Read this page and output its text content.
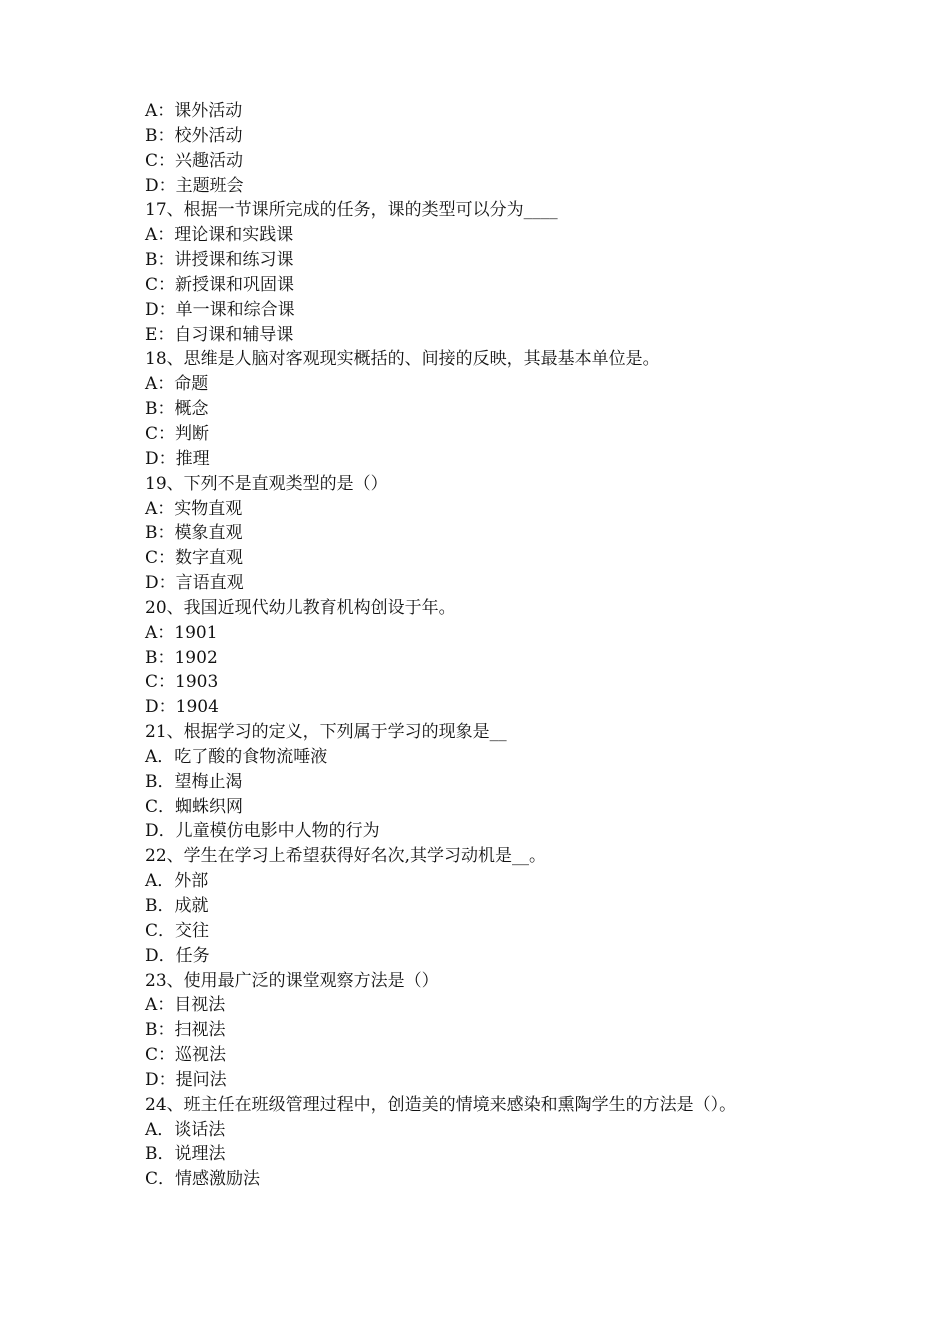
A：课外活动
B：校外活动
C：兴趣活动
D：主题班会
17、根据一节课所完成的任务，课的类型可以分为____
A：理论课和实践课
B：讲授课和练习课
C：新授课和巩固课
D：单一课和综合课
E：自习课和辅导课
18、思维是人脑对客观现实概括的、间接的反映，其最基本单位是。
A：命题
B：概念
C：判断
D：推理
19、下列不是直观类型的是（）
A：实物直观
B：模象直观
C：数字直观
D：言语直观
20、我国近现代幼儿教育机构创设于年。
A：1901
B：1902
C：1903
D：1904
21、根据学习的定义，下列属于学习的现象是__
A．吃了酸的食物流唾液
B．望梅止渴
C．蜘蛛织网
D．儿童模仿电影中人物的行为
22、学生在学习上希望获得好名次,其学习动机是__。
A．外部
B．成就
C．交往
D．任务
23、使用最广泛的课堂观察方法是（）
A：目视法
B：扫视法
C：巡视法
D：提问法
24、班主任在班级管理过程中，创造美的情境来感染和熏陶学生的方法是（）。
A．谈话法
B．说理法
C．情感激励法
